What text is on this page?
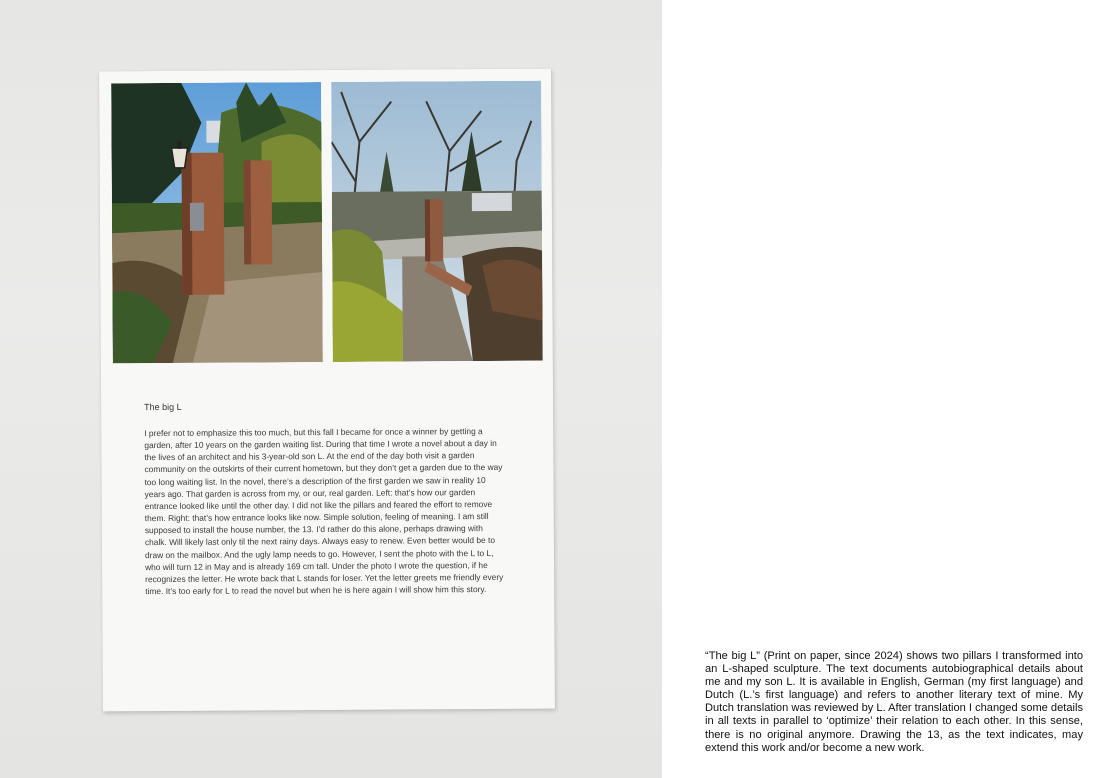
The big L

I prefer not to emphasize this too much, but this fall I became for once a winner by getting a garden, after 10 years on the garden waiting list. During that time I wrote a novel about a day in the lives of an architect and his 3-year-old son L. At the end of the day both visit a garden community on the outskirts of their current hometown, but they don’t get a garden due to the way too long waiting list. In the novel, there’s a description of the first garden we saw in reality 10 years ago. That garden is across from my, or our, real garden. Left: that’s how our garden entrance looked like until the other day. I did not like the pillars and feared the effort to remove them. Right: that’s how entrance looks like now. Simple solution, feeling of meaning. I am still supposed to install the house number, the 13. I’d rather do this alone, perhaps drawing with chalk. Will likely last only til the next rainy days. Always easy to renew. Even better would be to draw on the mailbox. And the ugly lamp needs to go. However, I sent the photo with the L to L, who will turn 12 in May and is already 169 cm tall. Under the photo I wrote the question, if he recognizes the letter. He wrote back that L stands for loser. Yet the letter greets me friendly every time. It’s too early for L to read the novel but when he is here again I will show him this story.

“The big L” (Print on paper, since 2024) shows two pillars I transformed into an L-shaped sculpture. The text documents autobiographical details about me and my son L. It is available in English, German (my first language) and Dutch (L.’s first language) and refers to another literary text of mine. My Dutch translation was reviewed by L. After translation I changed some details in all texts in parallel to ‘optimize’ their relation to each other. In this sense, there is no original anymore. Drawing the 13, as the text indicates, may extend this work and/or become a new work.
